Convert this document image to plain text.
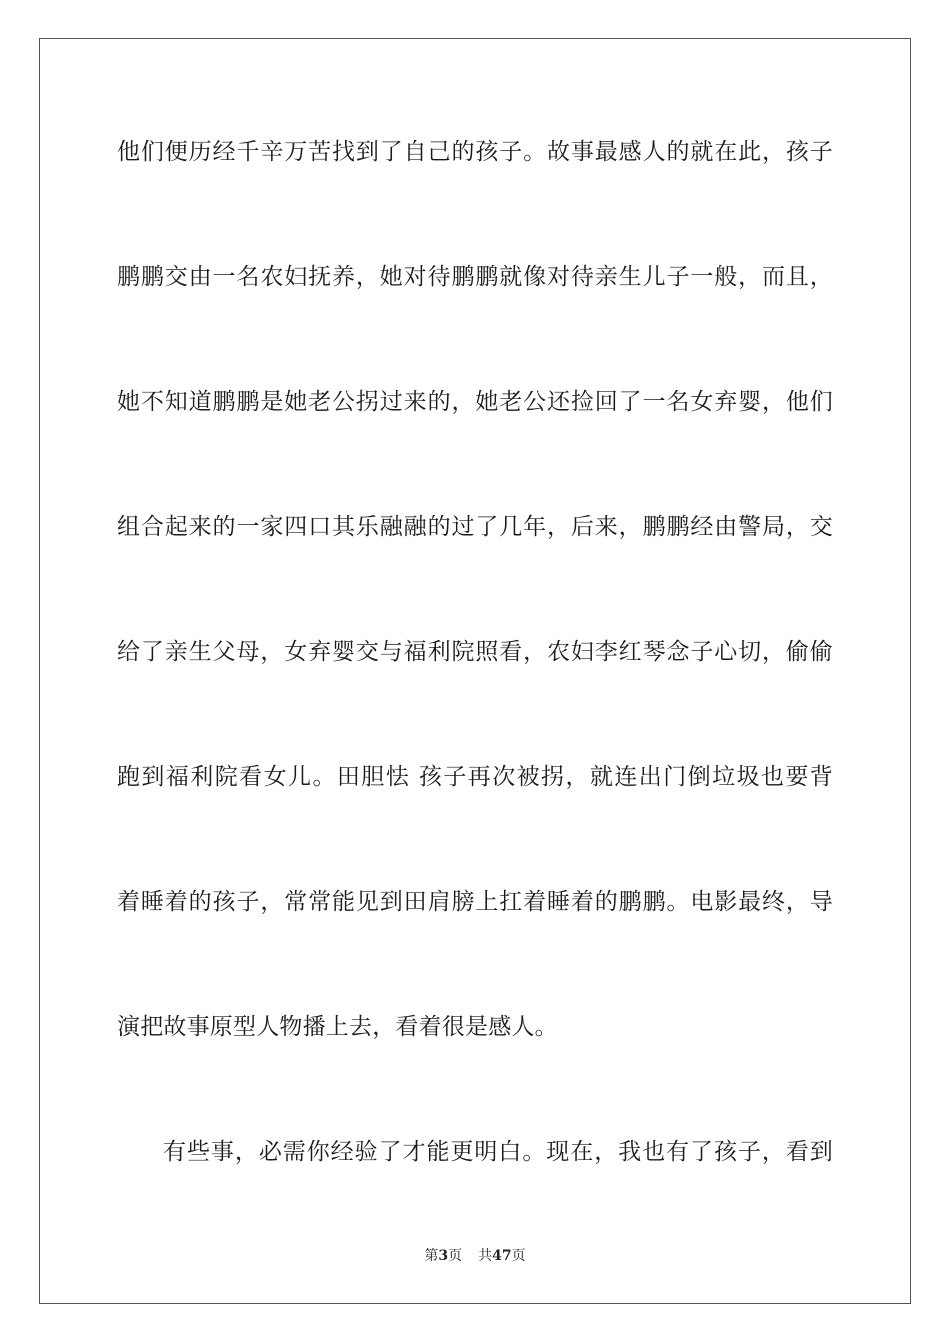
他们便历经千辛万苦找到了自己的孩子。故事最感人的就在此，孩子
鹏鹏交由一名农妇抚养，她对待鹏鹏就像对待亲生儿子一般，而且，
她不知道鹏鹏是她老公拐过来的，她老公还捡回了一名女弃婴，他们
组合起来的一家四口其乐融融的过了几年，后来，鹏鹏经由警局，交
给了亲生父母，女弃婴交与福利院照看，农妇李红琴念子心切，偷偷
跑到福利院看女儿。田胆怯 孩子再次被拐，就连出门倒垃圾也要背
着睡着的孩子，常常能见到田肩膀上扛着睡着的鹏鹏。电影最终，导
演把故事原型人物播上去，看着很是感人。
有些事，必需你经验了才能更明白。现在，我也有了孩子，看到
第3页 共47页
